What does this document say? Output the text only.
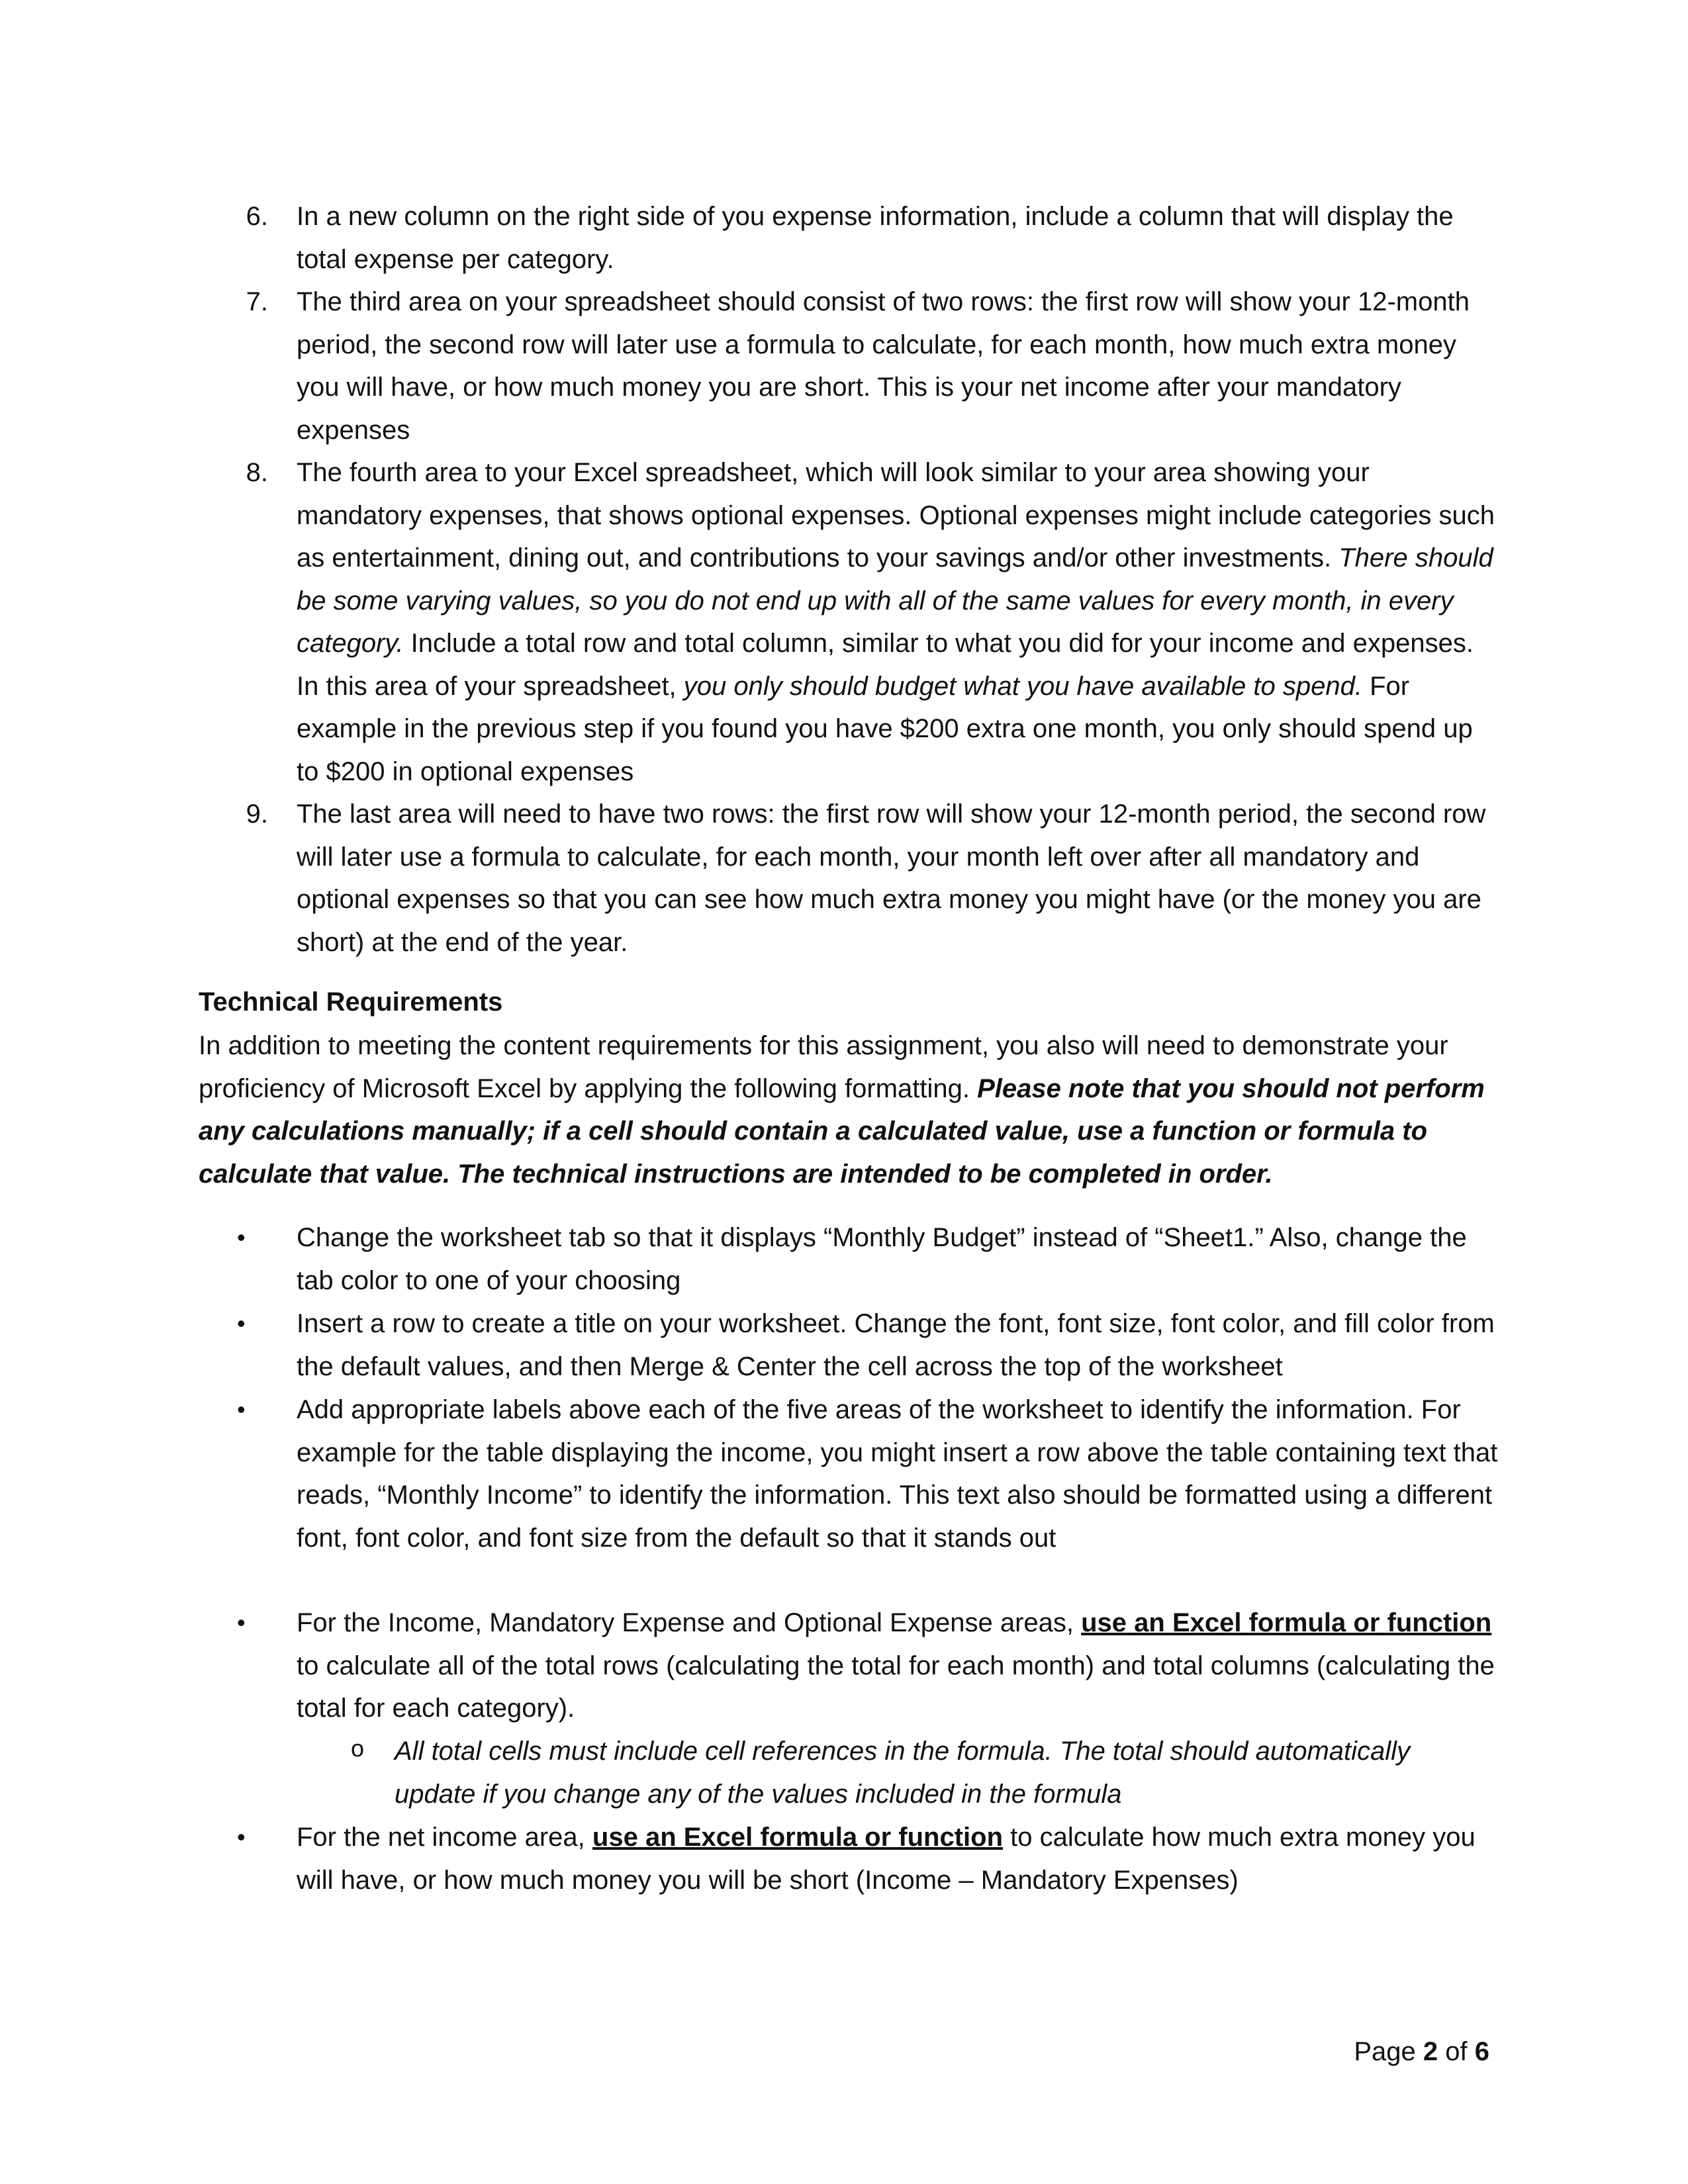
6.	In a new column on the right side of you expense information, include a column that will display the total expense per category.
7.	The third area on your spreadsheet should consist of two rows: the first row will show your 12-month period, the second row will later use a formula to calculate, for each month, how much extra money you will have, or how much money you are short. This is your net income after your mandatory expenses
8.	The fourth area to your Excel spreadsheet, which will look similar to your area showing your mandatory expenses, that shows optional expenses. Optional expenses might include categories such as entertainment, dining out, and contributions to your savings and/or other investments. There should be some varying values, so you do not end up with all of the same values for every month, in every category. Include a total row and total column, similar to what you did for your income and expenses. In this area of your spreadsheet, you only should budget what you have available to spend. For example in the previous step if you found you have $200 extra one month, you only should spend up to $200 in optional expenses
9.	The last area will need to have two rows: the first row will show your 12-month period, the second row will later use a formula to calculate, for each month, your month left over after all mandatory and optional expenses so that you can see how much extra money you might have (or the money you are short) at the end of the year.
Technical Requirements
In addition to meeting the content requirements for this assignment, you also will need to demonstrate your proficiency of Microsoft Excel by applying the following formatting. Please note that you should not perform any calculations manually; if a cell should contain a calculated value, use a function or formula to calculate that value. The technical instructions are intended to be completed in order.
• Change the worksheet tab so that it displays “Monthly Budget” instead of “Sheet1.” Also, change the tab color to one of your choosing
• Insert a row to create a title on your worksheet. Change the font, font size, font color, and fill color from the default values, and then Merge & Center the cell across the top of the worksheet
• Add appropriate labels above each of the five areas of the worksheet to identify the information. For example for the table displaying the income, you might insert a row above the table containing text that reads, “Monthly Income” to identify the information. This text also should be formatted using a different font, font color, and font size from the default so that it stands out
• For the Income, Mandatory Expense and Optional Expense areas, use an Excel formula or function to calculate all of the total rows (calculating the total for each month) and total columns (calculating the total for each category).
o All total cells must include cell references in the formula. The total should automatically update if you change any of the values included in the formula
• For the net income area, use an Excel formula or function to calculate how much extra money you will have, or how much money you will be short (Income – Mandatory Expenses)
Page 2 of 6
